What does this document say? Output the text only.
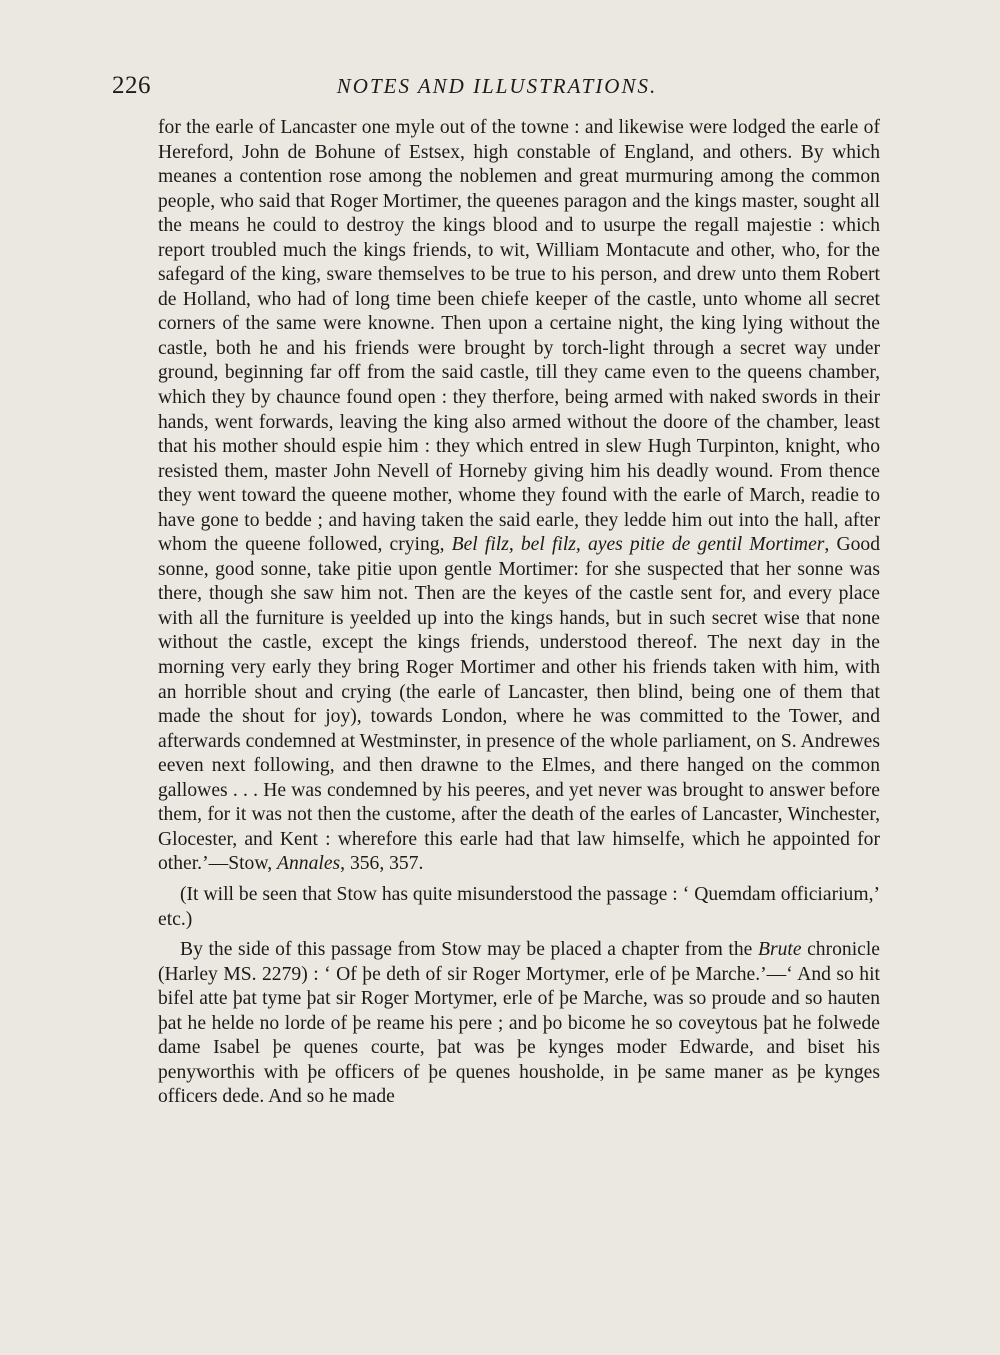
226	NOTES AND ILLUSTRATIONS.

for the earle of Lancaster one myle out of the towne : and likewise were lodged the earle of Hereford, John de Bohune of Estsex, high constable of England, and others. By which meanes a contention rose among the noblemen and great murmuring among the common people, who said that Roger Mortimer, the queenes paragon and the kings master, sought all the means he could to destroy the kings blood and to usurpe the regall majestie : which report troubled much the kings friends, to wit, William Montacute and other, who, for the safegard of the king, sware themselves to be true to his person, and drew unto them Robert de Holland, who had of long time been chiefe keeper of the castle, unto whome all secret corners of the same were knowne. Then upon a certaine night, the king lying without the castle, both he and his friends were brought by torch-light through a secret way under ground, beginning far off from the said castle, till they came even to the queens chamber, which they by chaunce found open : they therfore, being armed with naked swords in their hands, went forwards, leaving the king also armed without the doore of the chamber, least that his mother should espie him : they which entred in slew Hugh Turpinton, knight, who resisted them, master John Nevell of Horneby giving him his deadly wound. From thence they went toward the queene mother, whome they found with the earle of March, readie to have gone to bedde ; and having taken the said earle, they ledde him out into the hall, after whom the queene followed, crying, Bel filz, bel filz, ayes pitie de gentil Mortimer, Good sonne, good sonne, take pitie upon gentle Mortimer: for she suspected that her sonne was there, though she saw him not. Then are the keyes of the castle sent for, and every place with all the furniture is yeelded up into the kings hands, but in such secret wise that none without the castle, except the kings friends, understood thereof. The next day in the morning very early they bring Roger Mortimer and other his friends taken with him, with an horrible shout and crying (the earle of Lancaster, then blind, being one of them that made the shout for joy), towards London, where he was committed to the Tower, and afterwards condemned at Westminster, in presence of the whole parliament, on S. Andrewes eeven next following, and then drawne to the Elmes, and there hanged on the common gallowes . . . He was condemned by his peeres, and yet never was brought to answer before them, for it was not then the custome, after the death of the earles of Lancaster, Winchester, Glocester, and Kent : wherefore this earle had that law himselfe, which he appointed for other.’—Stow, Annales, 356, 357.

(It will be seen that Stow has quite misunderstood the passage : ‘ Quemdam officiarium,’ etc.)

By the side of this passage from Stow may be placed a chapter from the Brute chronicle (Harley MS. 2279) : ‘ Of þe deth of sir Roger Mortymer, erle of þe Marche.’—‘ And so hit bifel atte þat tyme þat sir Roger Mortymer, erle of þe Marche, was so proude and so hauten þat he helde no lorde of þe reame his pere ; and þo bicome he so coveytous þat he folwede dame Isabel þe quenes courte, þat was þe kynges moder Edwarde, and biset his penyworthis with þe officers of þe quenes housholde, in þe same maner as þe kynges officers dede. And so he made
